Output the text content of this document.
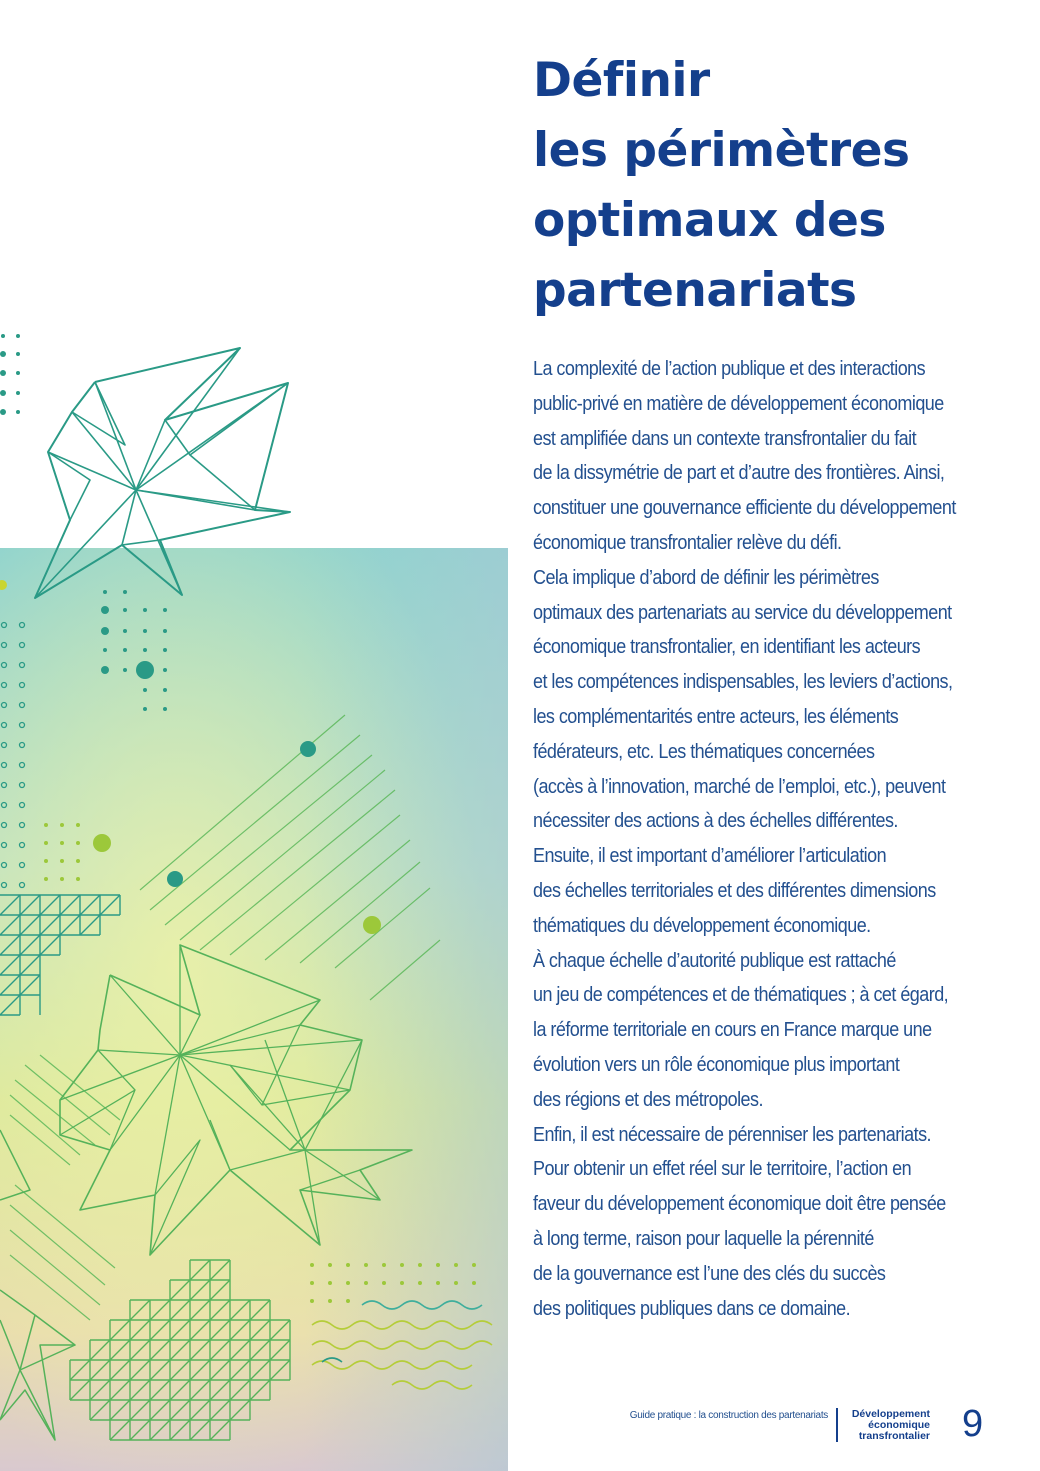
Définir
les périmètres
optimaux des
partenariats
La complexité de l’action publique et des interactions
public-privé en matière de développement économique
est amplifiée dans un contexte transfrontalier du fait
de la dissymétrie de part et d’autre des frontières. Ainsi,
constituer une gouvernance efficiente du développement
économique transfrontalier relève du défi.
Cela implique d’abord de définir les périmètres
optimaux des partenariats au service du développement
économique transfrontalier, en identifiant les acteurs
et les compétences indispensables, les leviers d’actions,
les complémentarités entre acteurs, les éléments
fédérateurs, etc. Les thématiques concernées
(accès à l’innovation, marché de l’emploi, etc.), peuvent
nécessiter des actions à des échelles différentes.
Ensuite, il est important d’améliorer l’articulation
des échelles territoriales et des différentes dimensions
thématiques du développement économique.
À chaque échelle d’autorité publique est rattaché
un jeu de compétences et de thématiques ; à cet égard,
la réforme territoriale en cours en France marque une
évolution vers un rôle économique plus important
des régions et des métropoles.
Enfin, il est nécessaire de pérenniser les partenariats.
Pour obtenir un effet réel sur le territoire, l’action en
faveur du développement économique doit être pensée
à long terme, raison pour laquelle la pérennité
de la gouvernance est l’une des clés du succès
des politiques publiques dans ce domaine.
Guide pratique : la construction des partenariats Développement
économique
transfrontalier 9
